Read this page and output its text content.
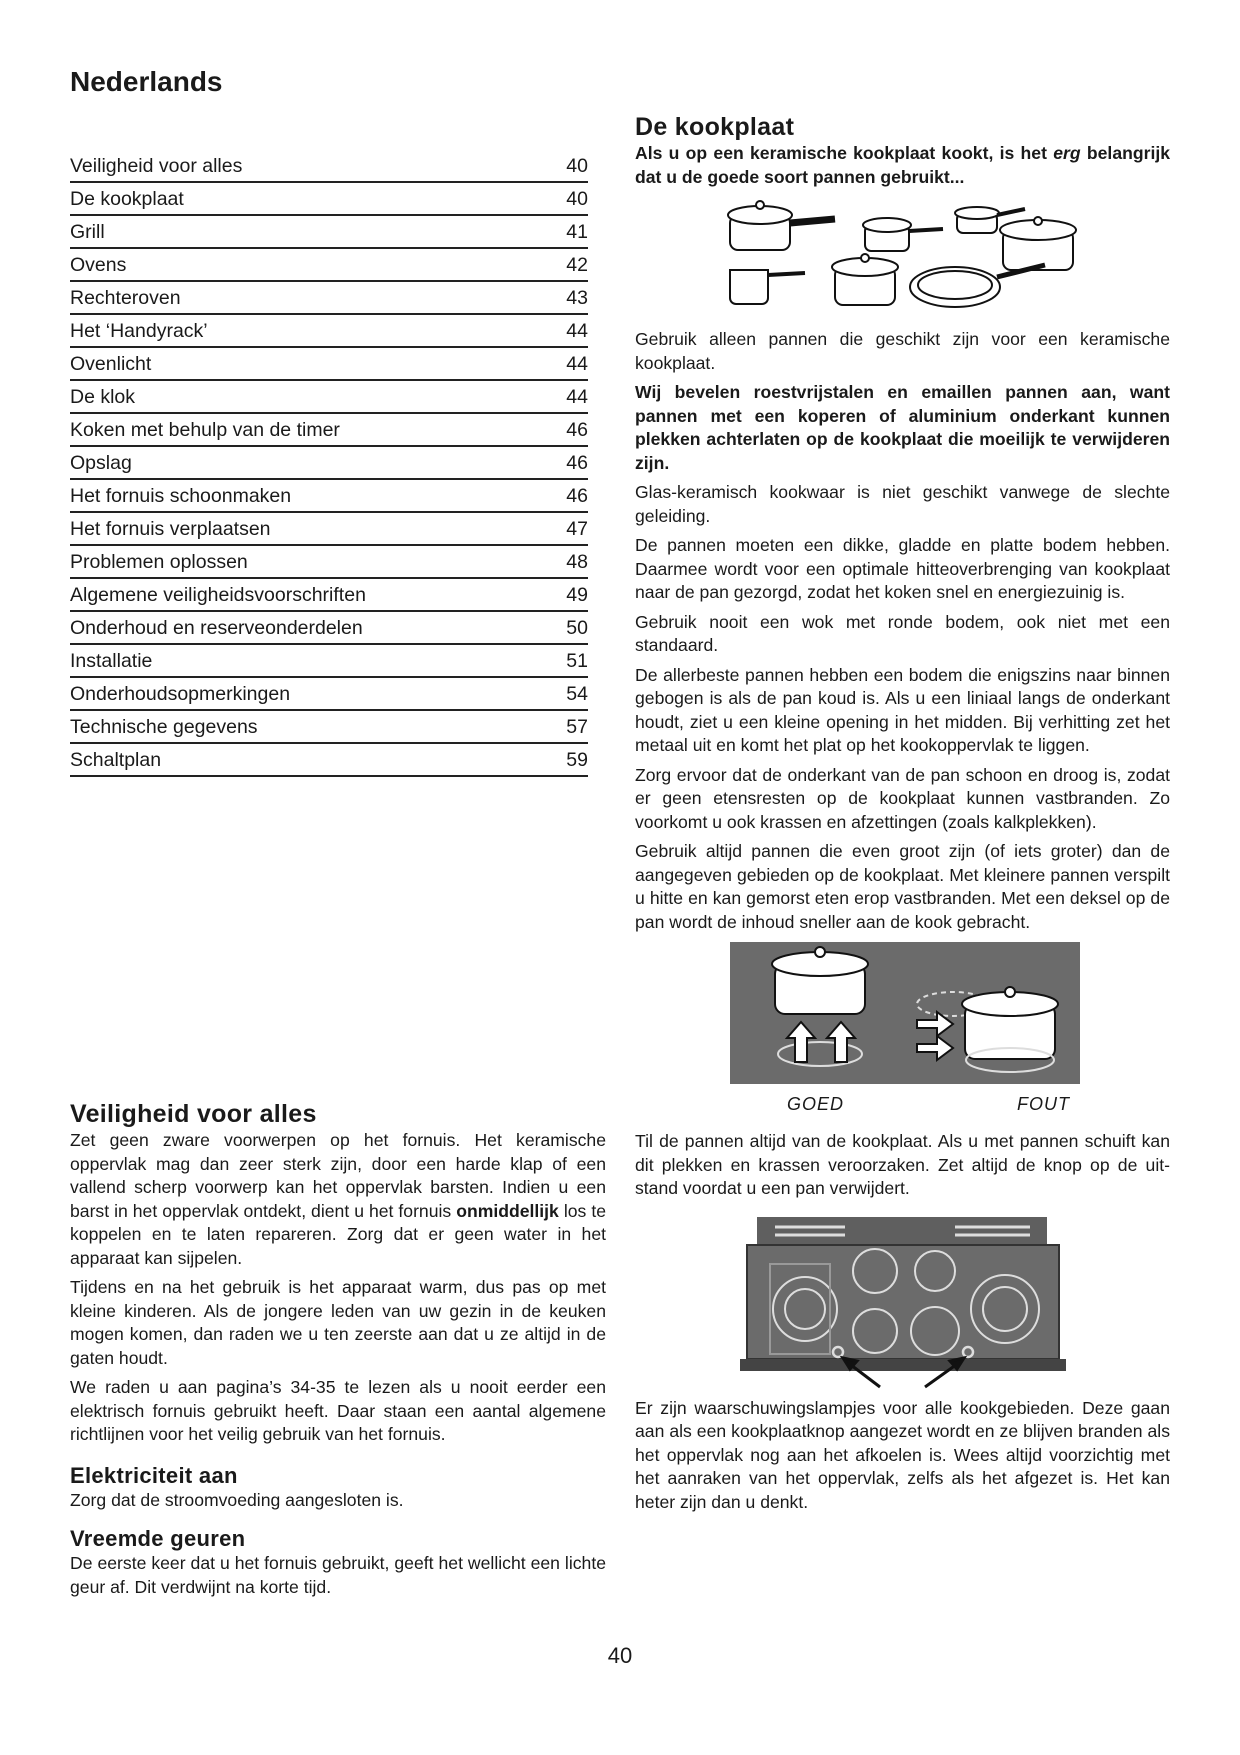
Nederlands
Veiligheid voor alles	40
De kookplaat	40
Grill	41
Ovens	42
Rechteroven	43
Het ‘Handyrack’	44
Ovenlicht	44
De klok	44
Koken met behulp van de timer	46
Opslag	46
Het fornuis schoonmaken	46
Het fornuis verplaatsen	47
Problemen oplossen	48
Algemene veiligheidsvoorschriften	49
Onderhoud en reserveonderdelen	50
Installatie	51
Onderhoudsopmerkingen	54
Technische gegevens	57
Schaltplan	59
Veiligheid voor alles

Zet geen zware voorwerpen op het fornuis. Het keramische oppervlak mag dan zeer sterk zijn, door een harde klap of een vallend scherp voorwerp kan het oppervlak barsten. Indien u een barst in het oppervlak ontdekt, dient u het fornuis onmiddellijk los te koppelen en te laten repareren. Zorg dat er geen water in het apparaat kan sijpelen.

Tijdens en na het gebruik is het apparaat warm, dus pas op met kleine kinderen. Als de jongere leden van uw gezin in de keuken mogen komen, dan raden we u ten zeerste aan dat u ze altijd in de gaten houdt.

We raden u aan pagina’s 34-35 te lezen als u nooit eerder een elektrisch fornuis gebruikt heeft. Daar staan een aantal algemene richtlijnen voor het veilig gebruik van het fornuis.

Elektriciteit aan

Zorg dat de stroomvoeding aangesloten is.

Vreemde geuren

De eerste keer dat u het fornuis gebruikt, geeft het wellicht een lichte geur af. Dit verdwijnt na korte tijd.

De kookplaat

Als u op een keramische kookplaat kookt, is het erg belangrijk dat u de goede soort pannen gebruikt...

Gebruik alleen pannen die geschikt zijn voor een keramische kookplaat.

Wij bevelen roestvrijstalen en emaillen pannen aan, want pannen met een koperen of aluminium onderkant kunnen plekken achterlaten op de kookplaat die moeilijk te verwijderen zijn.

Glas-keramisch kookwaar is niet geschikt vanwege de slechte geleiding.

De pannen moeten een dikke, gladde en platte bodem hebben. Daarmee wordt voor een optimale hitteoverbrenging van kookplaat naar de pan gezorgd, zodat het koken snel en energiezuinig is.

Gebruik nooit een wok met ronde bodem, ook niet met een standaard.

De allerbeste pannen hebben een bodem die enigszins naar binnen gebogen is als de pan koud is. Als u een liniaal langs de onderkant houdt, ziet u een kleine opening in het midden. Bij verhitting zet het metaal uit en komt het plat op het kookoppervlak te liggen.

Zorg ervoor dat de onderkant van de pan schoon en droog is, zodat er geen etensresten op de kookplaat kunnen vastbranden. Zo voorkomt u ook krassen en afzettingen (zoals kalkplekken).

Gebruik altijd pannen die even groot zijn (of iets groter) dan de aangegeven gebieden op de kookplaat. Met kleinere pannen verspilt u hitte en kan gemorst eten erop vastbranden. Met een deksel op de pan wordt de inhoud sneller aan de kook gebracht.

GOED	FOUT

Til de pannen altijd van de kookplaat. Als u met pannen schuift kan dit plekken en krassen veroorzaken. Zet altijd de knop op de uit-stand voordat u een pan verwijdert.

Er zijn waarschuwingslampjes voor alle kookgebieden. Deze gaan aan als een kookplaatknop aangezet wordt en ze blijven branden als het oppervlak nog aan het afkoelen is. Wees altijd voorzichtig met het aanraken van het oppervlak, zelfs als het afgezet is. Het kan heter zijn dan u denkt.

40
